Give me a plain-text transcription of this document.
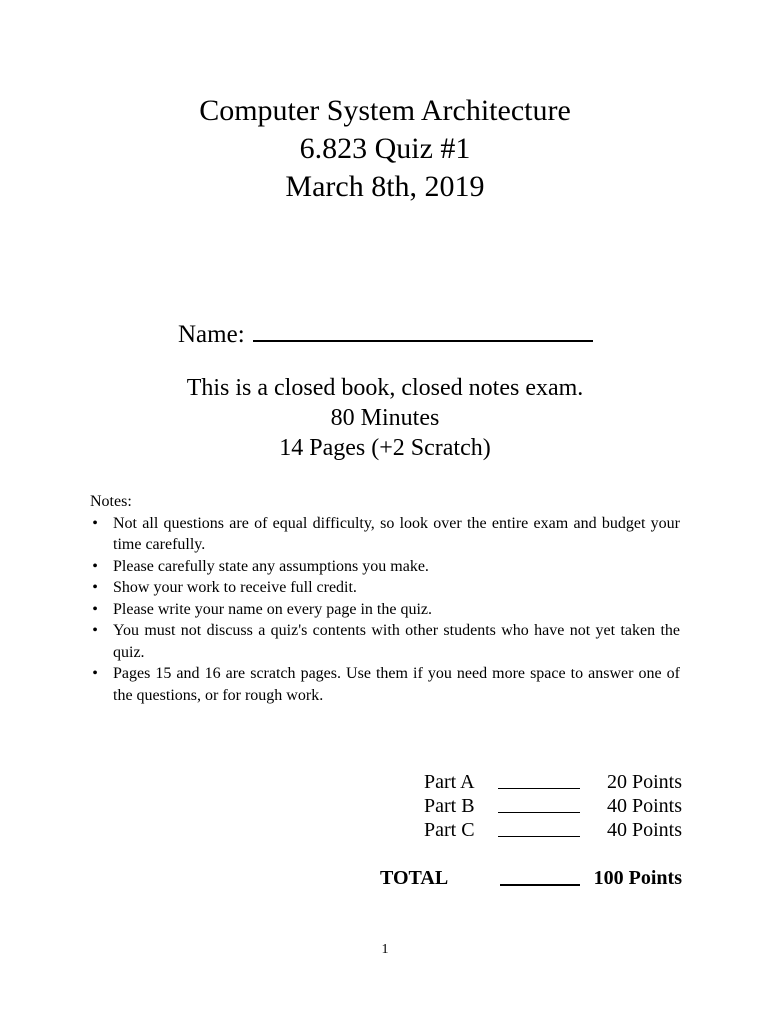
Computer System Architecture
6.823 Quiz #1
March 8th, 2019
Name:
This is a closed book, closed notes exam.
80 Minutes
14 Pages (+2 Scratch)
Notes:
• Not all questions are of equal difficulty, so look over the entire exam and budget your time carefully.
• Please carefully state any assumptions you make.
• Show your work to receive full credit.
• Please write your name on every page in the quiz.
• You must not discuss a quiz's contents with other students who have not yet taken the quiz.
• Pages 15 and 16 are scratch pages. Use them if you need more space to answer one of the questions, or for rough work.
Part A	20 Points
Part B	40 Points
Part C	40 Points
TOTAL	100 Points
1
